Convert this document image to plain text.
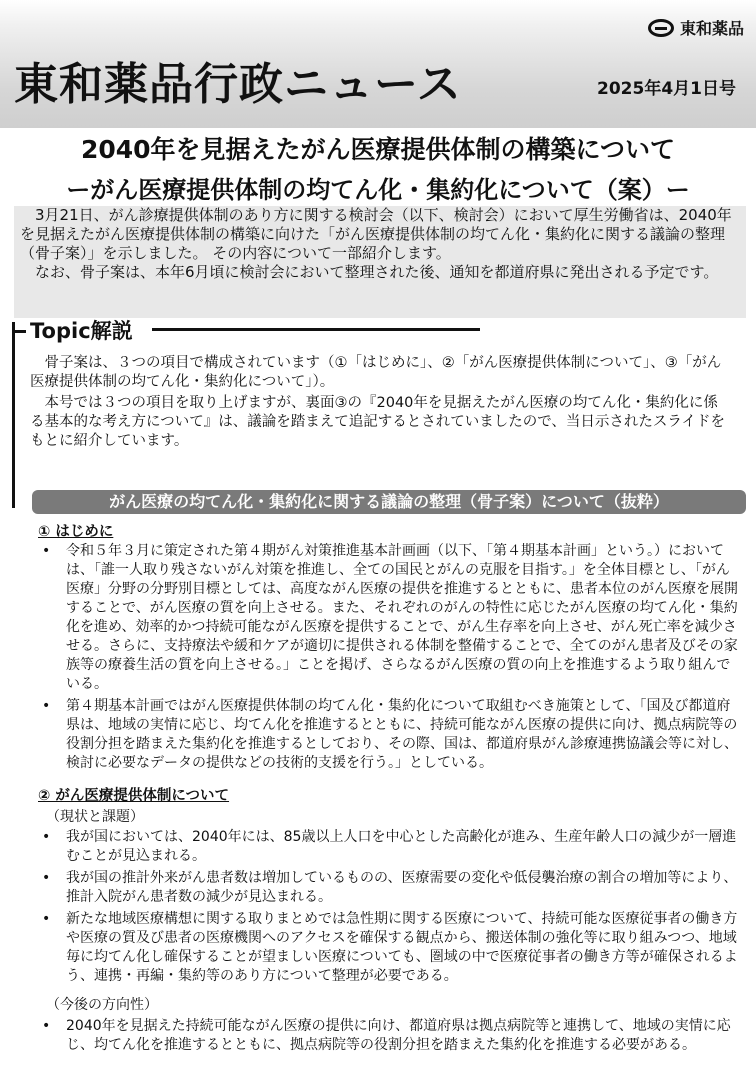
東和薬品
東和薬品行政ニュース	2025年4月1日号
2040年を見据えたがん医療提供体制の構築について
ーがん医療提供体制の均てん化・集約化について（案）ー

3月21日、がん診療提供体制のあり方に関する検討会（以下、検討会）において厚生労働省は、2040年を見据えたがん医療提供体制の構築に向けた「がん医療提供体制の均てん化・集約化に関する議論の整理（骨子案）」を示しました。 その内容について一部紹介します。

なお、骨子案は、本年6月頃に検討会において整理された後、通知を都道府県に発出される予定です。

Topic解説

骨子案は、３つの項目で構成されています（①「はじめに」、②「がん医療提供体制について」、③「がん医療提供体制の均てん化・集約化について」）。

本号では３つの項目を取り上げますが、裏面③の『2040年を見据えたがん医療の均てん化・集約化に係る基本的な考え方について』は、議論を踏まえて追記するとされていましたので、当日示されたスライドをもとに紹介しています。

がん医療の均てん化・集約化に関する議論の整理（骨子案）について（抜粋）
① はじめに
• 令和５年３月に策定された第４期がん対策推進基本計画画（以下、「第４期基本計画」という。）においては、「誰一人取り残さないがん対策を推進し、全ての国民とがんの克服を目指す。」を全体目標とし、「がん医療」分野の分野別目標としては、高度ながん医療の提供を推進するとともに、患者本位のがん医療を展開することで、がん医療の質を向上させる。また、それぞれのがんの特性に応じたがん医療の均てん化・集約化を進め、効率的かつ持続可能ながん医療を提供することで、がん生存率を向上させ、がん死亡率を減少させる。さらに、支持療法や緩和ケアが適切に提供される体制を整備することで、全てのがん患者及びその家族等の療養生活の質を向上させる。」ことを掲げ、さらなるがん医療の質の向上を推進するよう取り組んでいる。
• 第４期基本計画ではがん医療提供体制の均てん化・集約化について取組むべき施策として、「国及び都道府県は、地域の実情に応じ、均てん化を推進するとともに、持続可能ながん医療の提供に向け、拠点病院等の役割分担を踏まえた集約化を推進するとしており、その際、国は、都道府県がん診療連携協議会等に対し、検討に必要なデータの提供などの技術的支援を行う。」としている。
② がん医療提供体制について
（現状と課題）
• 我が国においては、2040年には、85歳以上人口を中心とした高齢化が進み、生産年齢人口の減少が一層進むことが見込まれる。
• 我が国の推計外来がん患者数は増加しているものの、医療需要の変化や低侵襲治療の割合の増加等により、推計入院がん患者数の減少が見込まれる。
• 新たな地域医療構想に関する取りまとめでは急性期に関する医療について、持続可能な医療従事者の働き方や医療の質及び患者の医療機関へのアクセスを確保する観点から、搬送体制の強化等に取り組みつつ、地域毎に均てん化し確保することが望ましい医療についても、圏域の中で医療従事者の働き方等が確保されるよう、連携・再編・集約等のあり方について整理が必要である。
（今後の方向性）
• 2040年を見据えた持続可能ながん医療の提供に向け、都道府県は拠点病院等と連携して、地域の実情に応じ、均てん化を推進するとともに、拠点病院等の役割分担を踏まえた集約化を推進する必要がある。
